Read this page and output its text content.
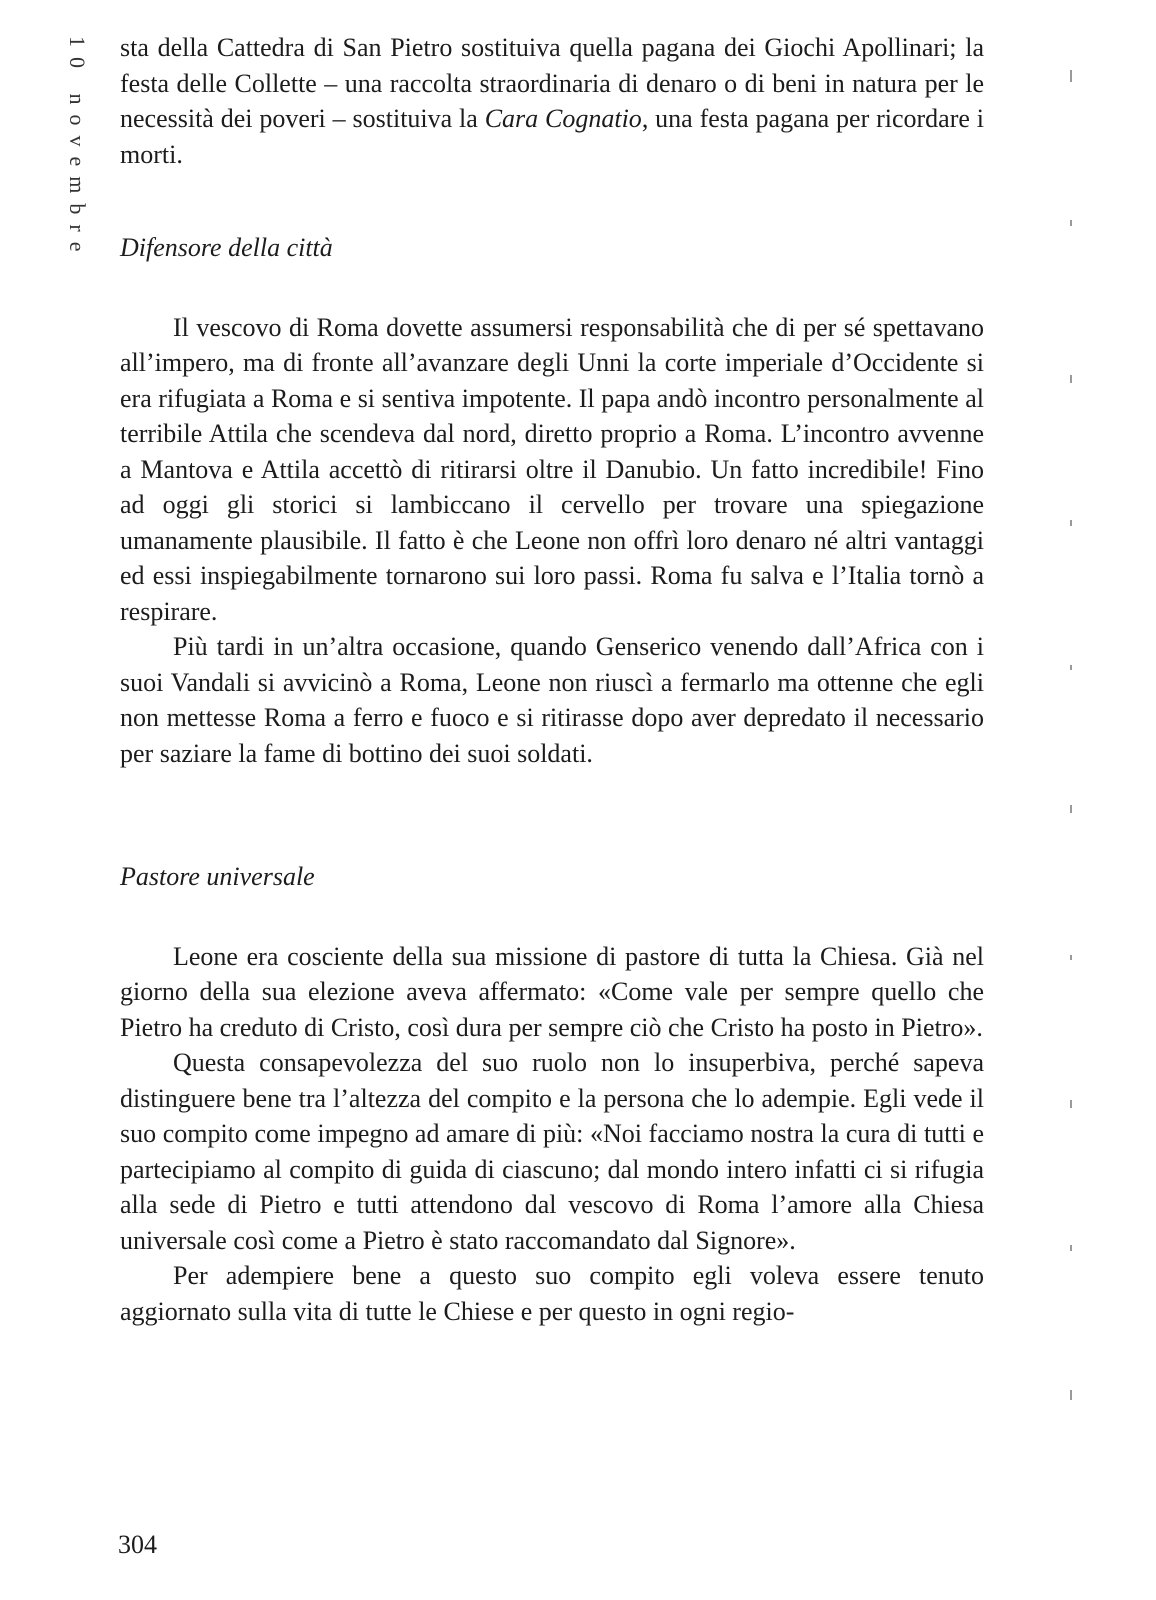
10 novembre sta della Cattedra di San Pietro sostituiva quella pagana dei Giochi Apollinari; la festa delle Collette – una raccolta straordinaria di denaro o di beni in natura per le necessità dei poveri – sostituiva la Cara Cognatio, una festa pagana per ricordare i morti.

Difensore della città

Il vescovo di Roma dovette assumersi responsabilità che di per sé spettavano all’impero, ma di fronte all’avanzare degli Unni la corte imperiale d’Occidente si era rifugiata a Roma e si sentiva impotente. Il papa andò incontro personalmente al terribile Attila che scendeva dal nord, diretto proprio a Roma. L’incontro avvenne a Mantova e Attila accettò di ritirarsi oltre il Danubio. Un fatto incredibile! Fino ad oggi gli storici si lambiccano il cervello per trovare una spiegazione umanamente plausibile. Il fatto è che Leone non offrì loro denaro né altri vantaggi ed essi inspiegabilmente tornarono sui loro passi. Roma fu salva e l’Italia tornò a respirare.

Più tardi in un’altra occasione, quando Genserico venendo dall’Africa con i suoi Vandali si avvicinò a Roma, Leone non riuscì a fermarlo ma ottenne che egli non mettesse Roma a ferro e fuoco e si ritirasse dopo aver depredato il necessario per saziare la fame di bottino dei suoi soldati.

Pastore universale

Leone era cosciente della sua missione di pastore di tutta la Chiesa. Già nel giorno della sua elezione aveva affermato: «Come vale per sempre quello che Pietro ha creduto di Cristo, così dura per sempre ciò che Cristo ha posto in Pietro».

Questa consapevolezza del suo ruolo non lo insuperbiva, perché sapeva distinguere bene tra l’altezza del compito e la persona che lo adempie. Egli vede il suo compito come impegno ad amare di più: «Noi facciamo nostra la cura di tutti e partecipiamo al compito di guida di ciascuno; dal mondo intero infatti ci si rifugia alla sede di Pietro e tutti attendono dal vescovo di Roma l’amore alla Chiesa universale così come a Pietro è stato raccomandato dal Signore».

Per adempiere bene a questo suo compito egli voleva essere tenuto aggiornato sulla vita di tutte le Chiese e per questo in ogni regio-

304
